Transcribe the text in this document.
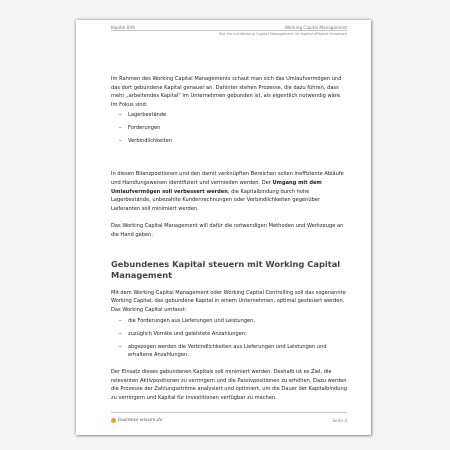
Kapitel 049	Working Capital Management
Wie Sie mit Working Capital Management Ihr Kapital effizient einsetzen

Im Rahmen des Working Capital Managements schaut man sich das Umlaufvermögen und das dort gebundene Kapital genauer an. Dahinter stehen Prozesse, die dazu führen, dass mehr „arbeitendes Kapital“ im Unternehmen gebunden ist, als eigentlich notwendig wäre. Im Fokus sind:

– Lagerbestände
– Forderungen
– Verbindlichkeiten

In diesen Bilanzpositionen und den damit verknüpften Bereichen sollen ineffiziente Abläufe und Handlungsweisen identifiziert und vermieden werden. Der Umgang mit dem Umlaufvermögen soll verbessert werden, die Kapitalbindung durch hohe Lagerbestände, unbezahlte Kundenrechnungen oder Verbindlichkeiten gegenüber Lieferanten soll minimiert werden.

Das Working Capital Management will dafür die notwendigen Methoden und Werkzeuge an die Hand geben.

Gebundenes Kapital steuern mit Working Capital Management

Mit dem Working Capital Management oder Working Capital Controlling soll das sogenannte Working Capital, das gebundene Kapital in einem Unternehmen, optimal gesteuert werden. Das Working Capital umfasst:

– die Forderungen aus Lieferungen und Leistungen,
– zuzüglich Vorräte und geleistete Anzahlungen;
– abgezogen werden die Verbindlichkeiten aus Lieferungen und Leistungen und erhaltene Anzahlungen.

Der Einsatz dieses gebundenen Kapitals soll minimiert werden. Deshalb ist es Ziel, die relevanten Aktivpositionen zu verringern und die Passivpositionen zu erhöhen. Dazu werden die Prozesse der Zahlungsströme analysiert und optimiert, um die Dauer der Kapitalbindung zu verringern und Kapital für Investitionen verfügbar zu machen.

business-wissen.de	Seite 4
